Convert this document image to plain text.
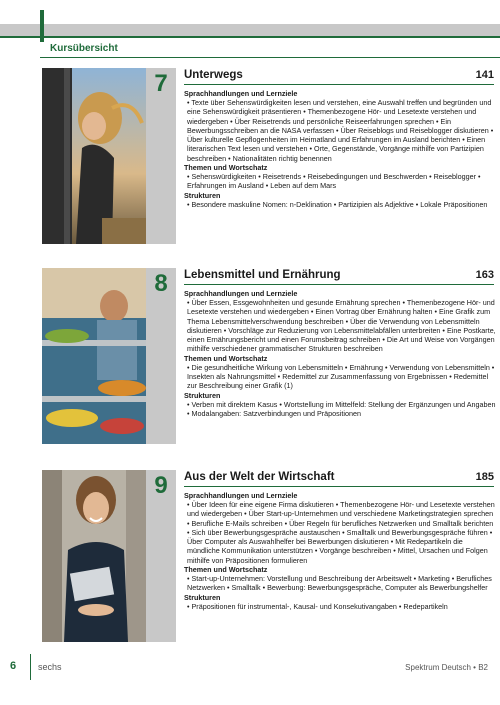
Kursübersicht
7	Unterwegs	141
Sprachhandlungen und Lernziele
• Texte über Sehenswürdigkeiten lesen und verstehen, eine Auswahl treffen und begründen und eine Sehenswürdigkeit präsentieren • Themenbezogene Hör- und Lesetexte verstehen und wiedergeben • Über Reisetrends und persönliche Reiseerfahrungen sprechen • Ein Bewerbungsschreiben an die NASA verfassen • Über Reiseblogs und Reiseblogger diskutieren • Über kulturelle Gepflogenheiten im Heimatland und Erfahrungen im Ausland berichten • Einen literarischen Text lesen und verstehen • Orte, Gegenstände, Vorgänge mithilfe von Partizipien beschreiben • Nationalitäten richtig benennen
Themen und Wortschatz
• Sehenswürdigkeiten • Reisetrends • Reisebedingungen und Beschwerden • Reiseblogger • Erfahrungen im Ausland • Leben auf dem Mars
Strukturen
• Besondere maskuline Nomen: n-Deklination • Partizipien als Adjektive • Lokale Präpositionen
8	Lebensmittel und Ernährung	163
Sprachhandlungen und Lernziele
• Über Essen, Essgewohnheiten und gesunde Ernährung sprechen • Themenbezogene Hör- und Lesetexte verstehen und wiedergeben • Einen Vortrag über Ernährung halten • Eine Grafik zum Thema Lebensmittelverschwendung beschreiben • Über die Verwendung von Lebensmitteln diskutieren • Vorschläge zur Reduzierung von Lebensmittelabfällen unterbreiten • Eine Postkarte, einen Ernährungsbericht und einen Forumsbeitrag schreiben • Die Art und Weise von Vorgängen mithilfe verschiedener grammatischer Strukturen beschreiben
Themen und Wortschatz
• Die gesundheitliche Wirkung von Lebensmitteln • Ernährung • Verwendung von Lebensmitteln • Insekten als Nahrungsmittel • Redemittel zur Zusammenfassung von Ergebnissen • Redemittel zur Beschreibung einer Grafik (1)
Strukturen
• Verben mit direktem Kasus • Wortstellung im Mittelfeld: Stellung der Ergänzungen und Angaben • Modalangaben: Satzverbindungen und Präpositionen
9	Aus der Welt der Wirtschaft	185
Sprachhandlungen und Lernziele
• Über Ideen für eine eigene Firma diskutieren • Themenbezogene Hör- und Lesetexte verstehen und wiedergeben • Über Start-up-Unternehmen und verschiedene Marketingstrategien sprechen • Berufliche E-Mails schreiben • Über Regeln für berufliches Netzwerken und Smalltalk berichten • Sich über Bewerbungsgespräche austauschen • Smalltalk und Bewerbungsgespräche führen • Über Computer als Auswahlhelfer bei Bewerbungen diskutieren • Mit Redepartikeln die mündliche Kommunikation unterstützen • Vorgänge beschreiben • Mittel, Ursachen und Folgen mithilfe von Präpositionen formulieren
Themen und Wortschatz
• Start-up-Unternehmen: Vorstellung und Beschreibung der Arbeitswelt • Marketing • Berufliches Netzwerken • Smalltalk • Bewerbung: Bewerbungsgespräche, Computer als Bewerbungshelfer
Strukturen
• Präpositionen für instrumental-, Kausal- und Konsekutivangaben • Redepartikeln
6 sechs	Spektrum Deutsch • B2
